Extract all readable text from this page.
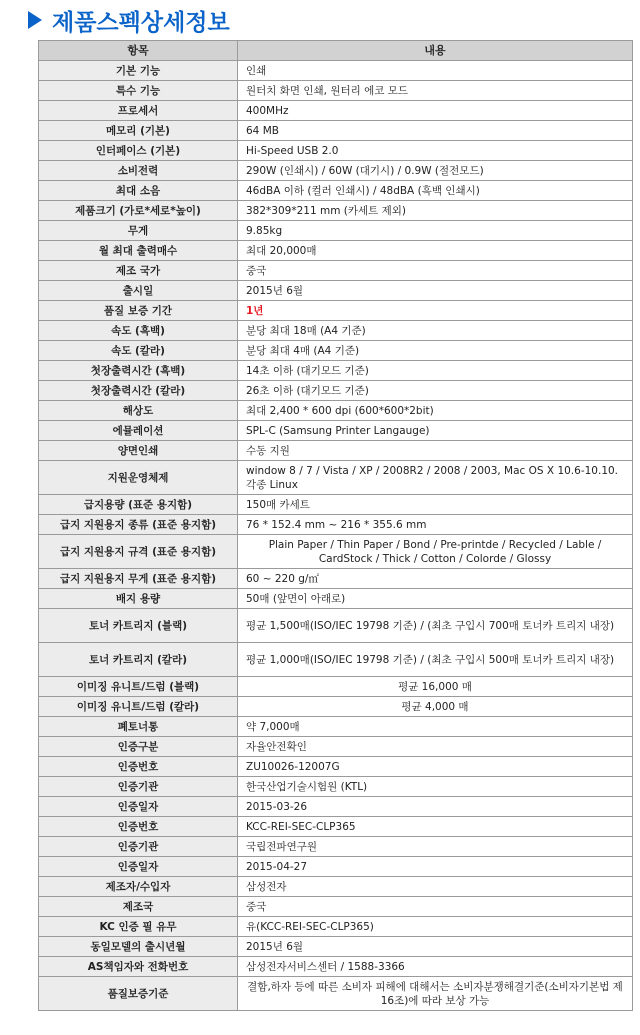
제품스펙상세정보
항목	내용
기본 기능	인쇄
특수 기능	원터치 화면 인쇄, 원터리 에코 모드
프로세서	400MHz
메모리 (기본)	64 MB
인터페이스 (기본)	Hi-Speed USB 2.0
소비전력	290W (인쇄시) / 60W (대기시) / 0.9W (절전모드)
최대 소음	46dBA 이하 (컬러 인쇄시) / 48dBA (흑백 인쇄시)
제품크기 (가로*세로*높이)	382*309*211 mm (카세트 제외)
무게	9.85kg
월 최대 출력매수	최대 20,000매
제조 국가	중국
출시일	2015년 6월
품질 보증 기간	1년
속도 (흑백)	분당 최대 18매 (A4 기준)
속도 (칼라)	분당 최대 4매 (A4 기준)
첫장출력시간 (흑백)	14초 이하 (대기모드 기준)
첫장출력시간 (칼라)	26초 이하 (대기모드 기준)
해상도	최대 2,400 * 600 dpi (600*600*2bit)
에뮬레이션	SPL-C (Samsung Printer Langauge)
양면인쇄	수동 지원
지원운영체제	window 8 / 7 / Vista / XP / 2008R2 / 2008 / 2003, Mac OS X 10.6-10.10. 각종 Linux
급지용량 (표준 용지함)	150매 카세트
급지 지원용지 종류 (표준 용지함)	76 * 152.4 mm ~ 216 * 355.6 mm
급지 지원용지 규격 (표준 용지함)	Plain Paper / Thin Paper / Bond / Pre-printde / Recycled / Lable / CardStock / Thick / Cotton / Colorde / Glossy
급지 지원용지 무게 (표준 용지함)	60 ~ 220 g/㎡
배지 용량	50매 (앞면이 아래로)
토너 카트리지 (블랙)	평균 1,500매(ISO/IEC 19798 기준) / (최초 구입시 700매 토너카 트리지 내장)
토너 카트리지 (칼라)	평균 1,000매(ISO/IEC 19798 기준) / (최초 구입시 500매 토너카 트리지 내장)
이미징 유니트/드럼 (블랙)	평균 16,000 매
이미징 유니트/드럼 (칼라)	평균 4,000 매
폐토너통	약 7,000매
인증구분	자율안전확인
인증번호	ZU10026-12007G
인증기관	한국산업기술시험원 (KTL)
인증일자	2015-03-26
인증번호	KCC-REI-SEC-CLP365
인증기관	국립전파연구원
인증일자	2015-04-27
제조자/수입자	삼성전자
제조국	중국
KC 인증 필 유무	유(KCC-REI-SEC-CLP365)
동일모델의 출시년월	2015년 6월
AS책임자와 전화번호	삼성전자서비스센터 / 1588-3366
품질보증기준	결함,하자 등에 따른 소비자 피해에 대해서는 소비자분쟁해결기준(소비자기본법 제 16조)에 따라 보상 가능
